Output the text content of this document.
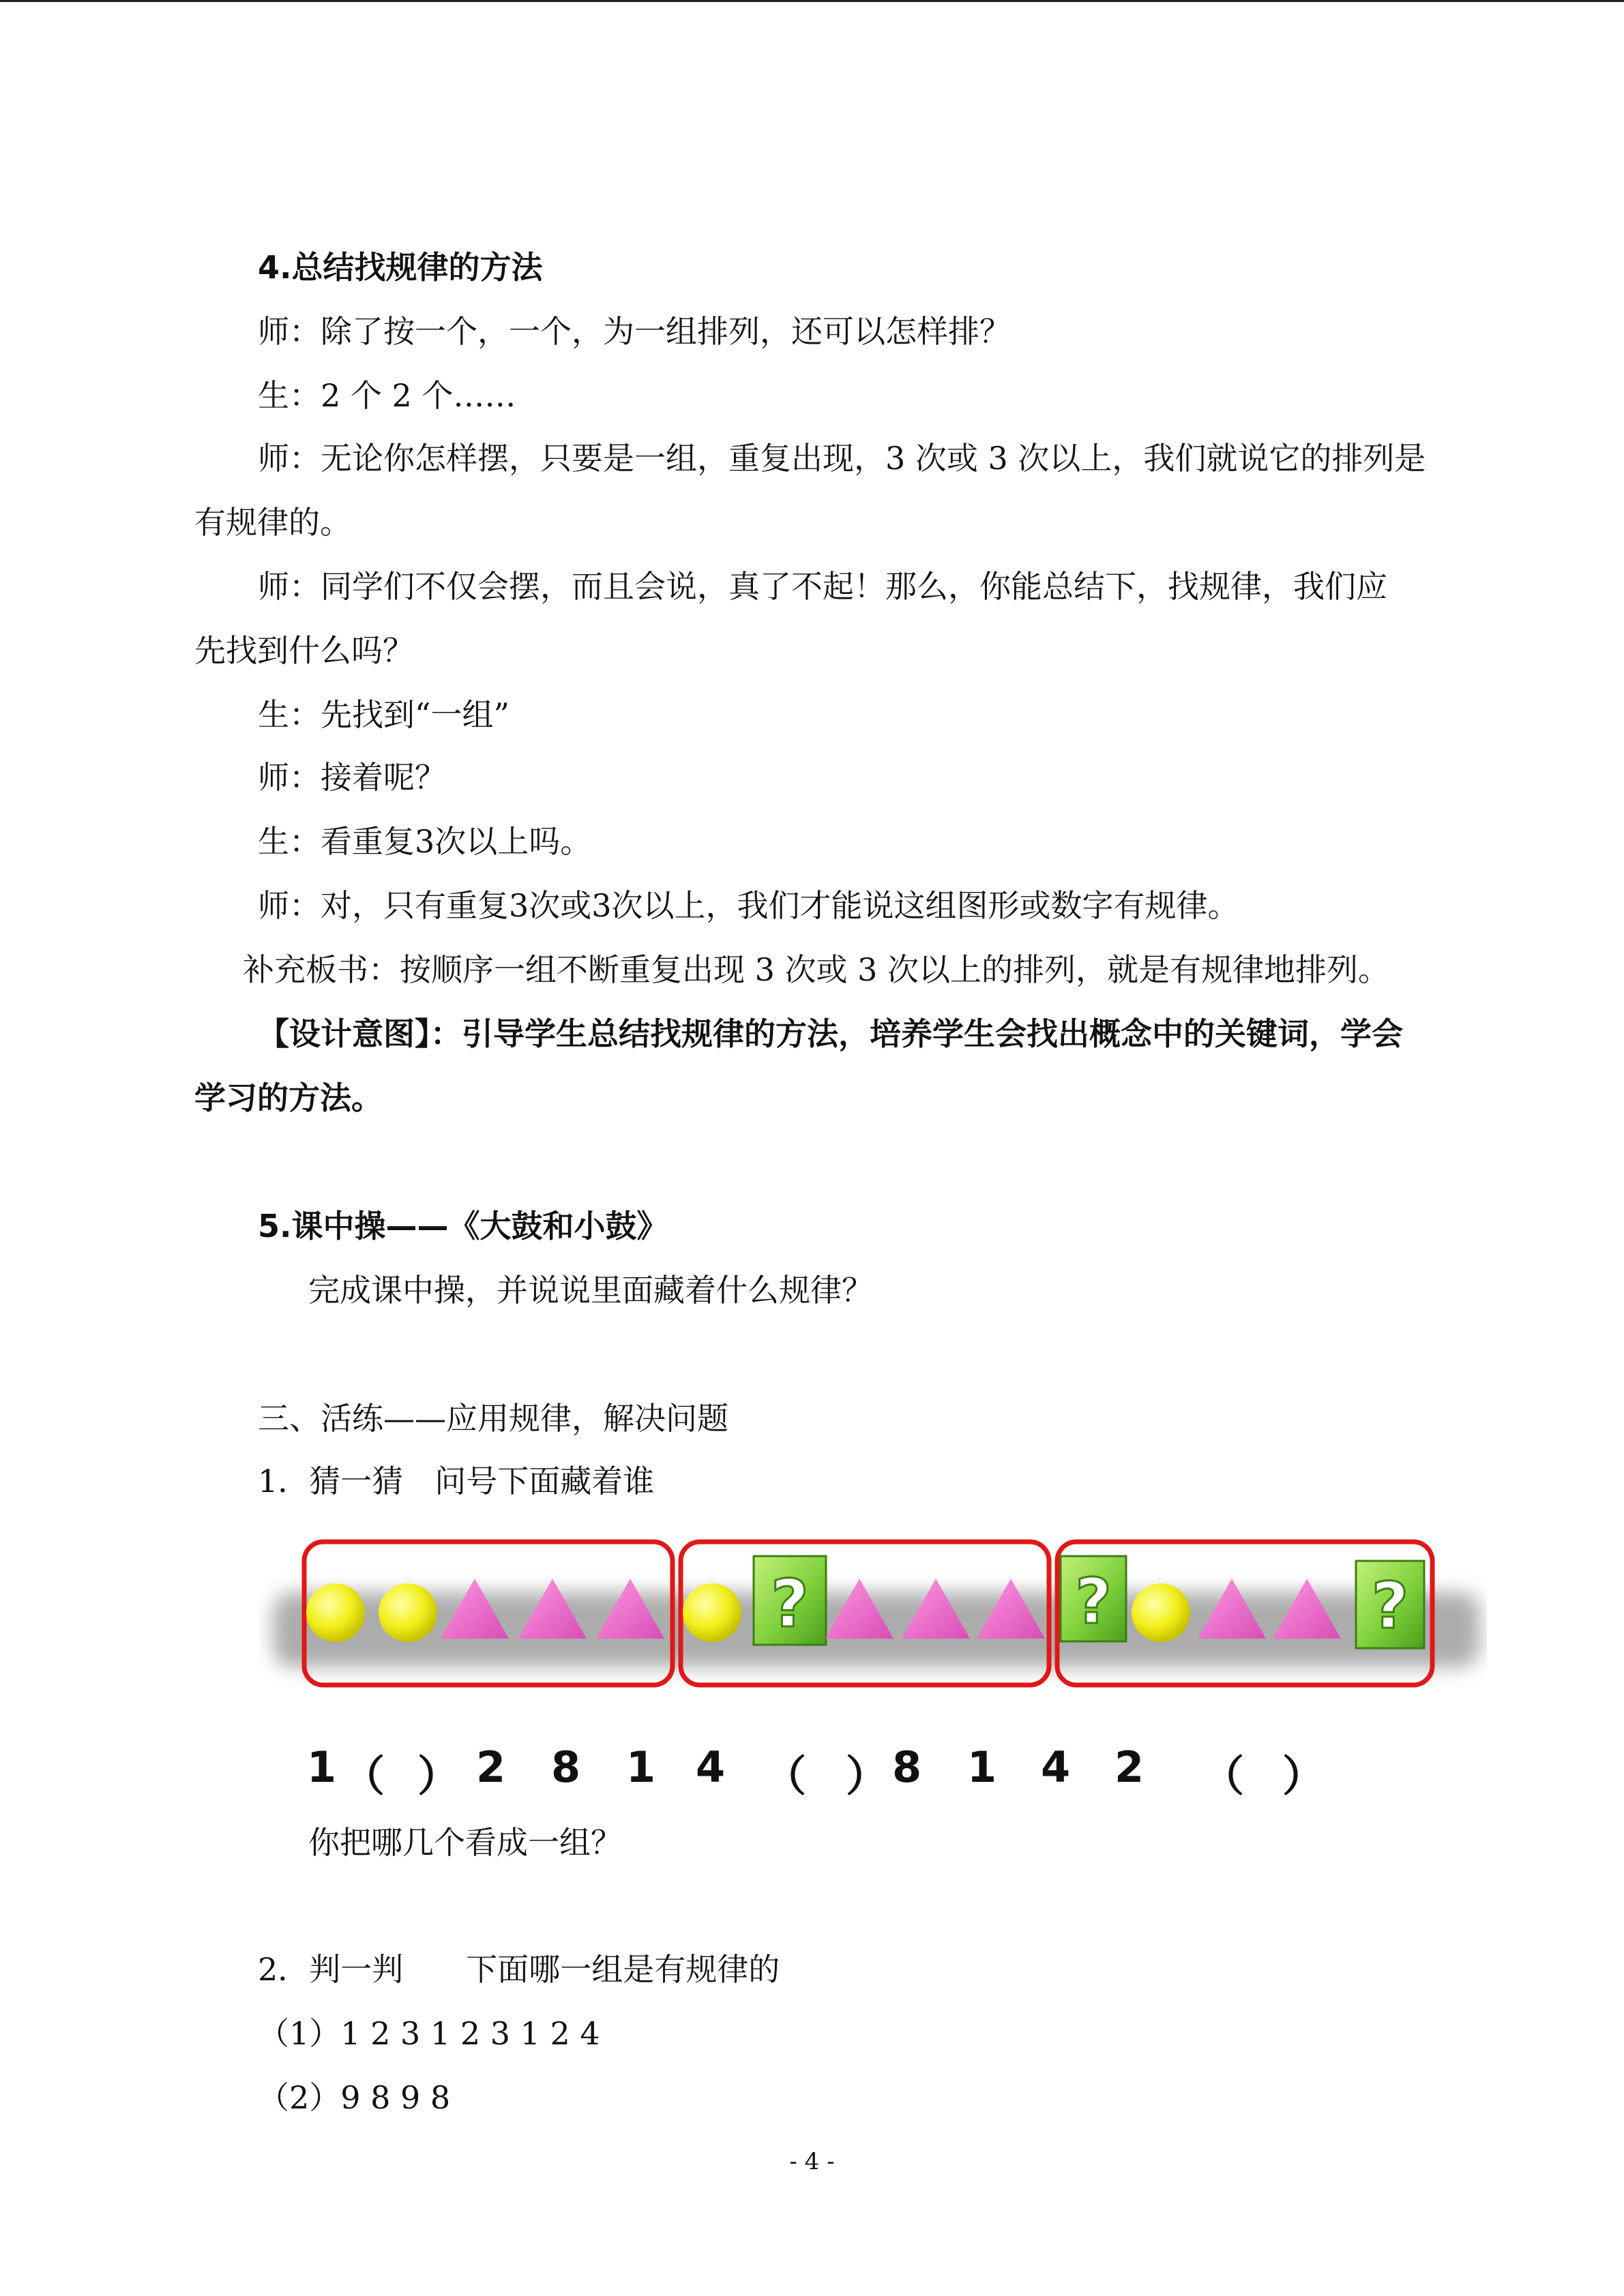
4.总结找规律的方法
师：除了按一个，一个，为一组排列，还可以怎样排？
生：2 个 2 个……
师：无论你怎样摆，只要是一组，重复出现，3 次或 3 次以上，我们就说它的排列是
有规律的。
师：同学们不仅会摆，而且会说，真了不起！那么，你能总结下，找规律，我们应
先找到什么吗？
生：先找到“一组”
师：接着呢？
生：看重复3次以上吗。
师：对，只有重复3次或3次以上，我们才能说这组图形或数字有规律。
补充板书：按顺序一组不断重复出现 3 次或 3 次以上的排列，就是有规律地排列。
【设计意图】：引导学生总结找规律的方法，培养学生会找出概念中的关键词，学会
学习的方法。
5.课中操——《大鼓和小鼓》
完成课中操，并说说里面藏着什么规律？
三、活练——应用规律，解决问题
1．猜一猜　问号下面藏着谁
?	?	?
1 （ ） 2 8 1 4 （ ） 8 1 4 2 （ ）
你把哪几个看成一组？
2．判一判　　下面哪一组是有规律的
（1）1 2 3 1 2 3 1 2 4
（2）9 8 9 8
- 4 -
